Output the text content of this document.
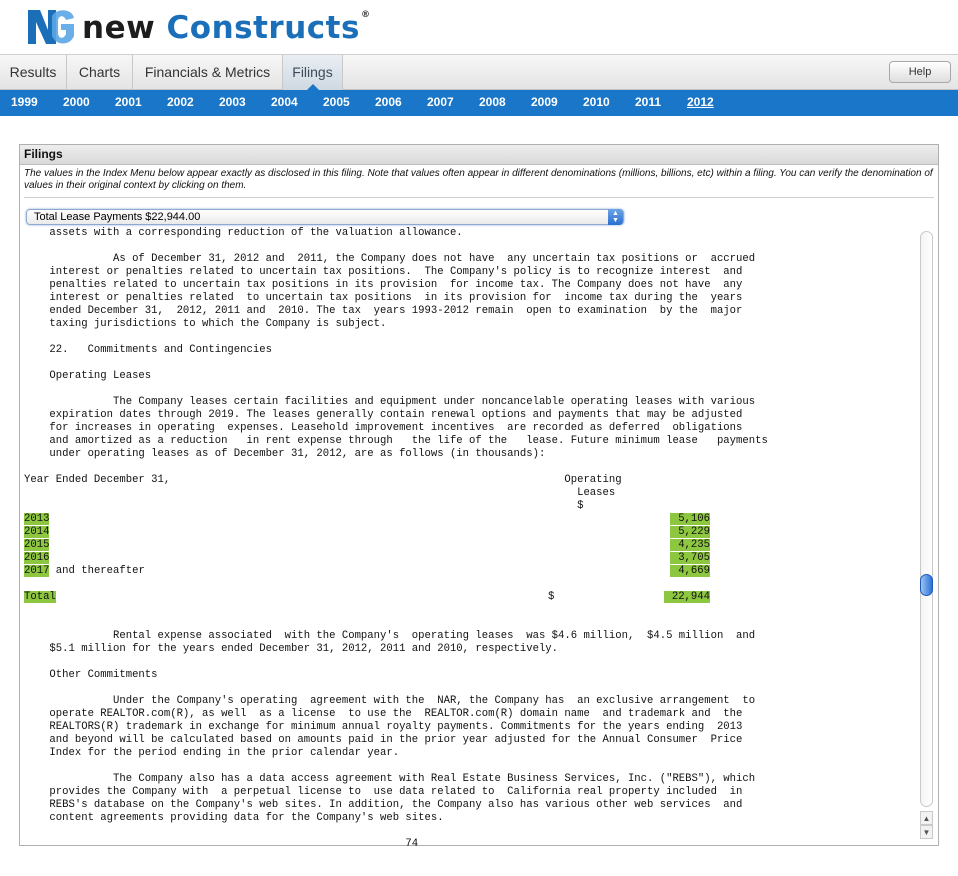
new Constructs®
Results	Charts	Financials & Metrics	Filings	Help
1999 2000 2001 2002 2003 2004 2005 2006 2007 2008 2009 2010 2011 2012
Filings
The values in the Index Menu below appear exactly as disclosed in this filing. Note that values often appear in different denominations (millions, billions, etc) within a filing. You can verify the denomination of values in their original context by clicking on them.
Total Lease Payments $22,944.00	▲
▼
assets with a corresponding reduction of the valuation allowance.
As of December 31, 2012 and  2011, the Company does not have  any uncertain tax positions or  accrued
interest or penalties related to uncertain tax positions.  The Company's policy is to recognize interest  and
penalties related to uncertain tax positions in its provision  for income tax. The Company does not have  any
interest or penalties related  to uncertain tax positions  in its provision for  income tax during the  years
ended December 31,  2012, 2011 and  2010. The tax  years 1993-2012 remain  open to examination  by the  major
taxing jurisdictions to which the Company is subject.
22.   Commitments and Contingencies
Operating Leases
The Company leases certain facilities and equipment under noncancelable operating leases with various
expiration dates through 2019. The leases generally contain renewal options and payments that may be adjusted
for increases in operating  expenses. Leasehold improvement incentives  are recorded as deferred  obligations
and amortized as a reduction   in rent expense through   the life of the   lease. Future minimum lease   payments
under operating leases as of December 31, 2012, are as follows (in thousands):
Year Ended December 31,                                                              Operating
Leases
$
2013	5,106
2014	5,229
2015	4,235
2016	3,705
2017 and thereafter	4,669
Total	$	22,944
Rental expense associated  with the Company's  operating leases  was $4.6 million,  $4.5 million  and
$5.1 million for the years ended December 31, 2012, 2011 and 2010, respectively.
Other Commitments
Under the Company's operating  agreement with the  NAR, the Company has  an exclusive arrangement  to
operate REALTOR.com(R), as well  as a license  to use the  REALTOR.com(R) domain name  and trademark and  the
REALTORS(R) trademark in exchange for minimum annual royalty payments. Commitments for the years ending  2013
and beyond will be calculated based on amounts paid in the prior year adjusted for the Annual Consumer  Price
Index for the period ending in the prior calendar year.
The Company also has a data access agreement with Real Estate Business Services, Inc. ("REBS"), which
provides the Company with  a perpetual license to  use data related to  California real property included  in
REBS's database on the Company's web sites. In addition, the Company also has various other web services  and
content agreements providing data for the Company's web sites.
74
▲
▼
